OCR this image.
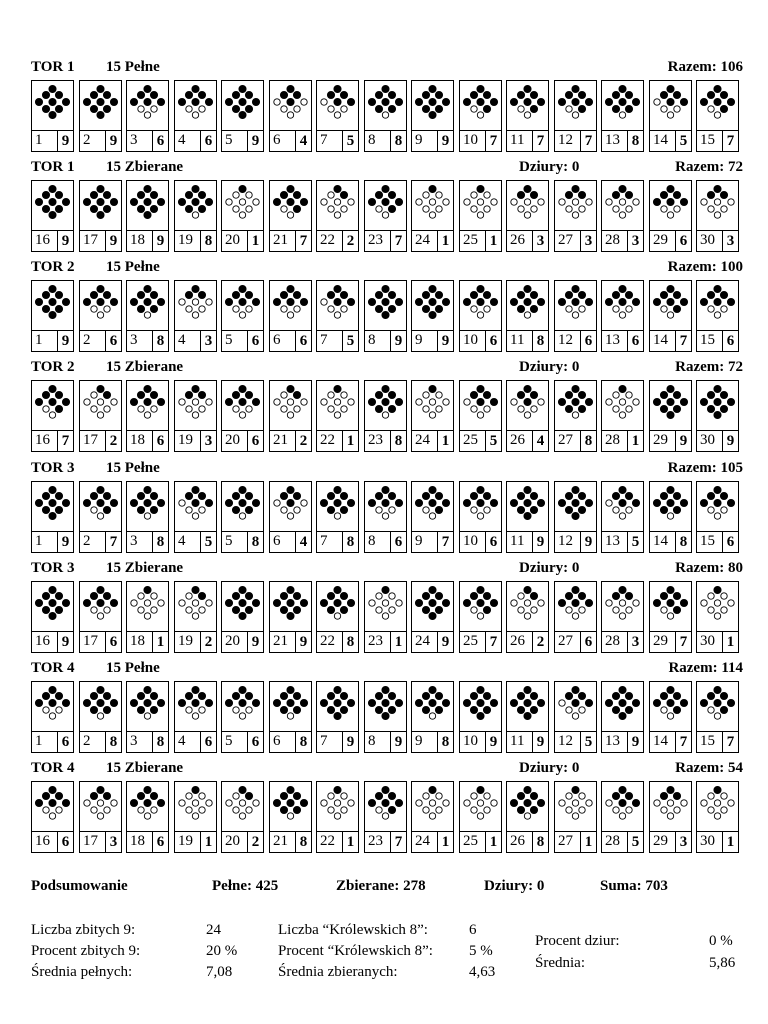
TOR 1 15 Pełne	Razem: 106
1	9 2	9 3	6 4	6 5	9 6	4 7	5 8	8 9	9 10 7 11 7 12 7 13 8 14 5 15 7
TOR 1 15 Zbierane	Dziury: 0	Razem: 72
16 9 17 9 18 9 19 8 20 1 21 7 22 2 23 7 24 1 25 1 26 3 27 3 28 3 29 6 30 3
TOR 2 15 Pełne	Razem: 100
1	9 2	6 3	8 4	3 5	6 6	6 7	5 8	9 9	9 10 6 11 8 12 6 13 6 14 7 15 6
TOR 2 15 Zbierane	Dziury: 0	Razem: 72
16 7 17 2 18 6 19 3 20 6 21 2 22 1 23 8 24 1 25 5 26 4 27 8 28 1 29 9 30 9
TOR 3 15 Pełne	Razem: 105
1	9 2	7 3	8 4	5 5	8 6	4 7	8 8	6 9	7 10 6 11 9 12 9 13 5 14 8 15 6
TOR 3 15 Zbierane	Dziury: 0	Razem: 80
16 9 17 6 18 1 19 2 20 9 21 9 22 8 23 1 24 9 25 7 26 2 27 6 28 3 29 7 30 1
TOR 4 15 Pełne	Razem: 114
1	6 2	8 3	8 4	6 5	6 6	8 7	9 8	9 9	8 10 9 11 9 12 5 13 9 14 7 15 7
TOR 4 15 Zbierane	Dziury: 0	Razem: 54
16 6 17 3 18 6 19 1 20 2 21 8 22 1 23 7 24 1 25 1 26 8 27 1 28 5 29 3 30 1
Podsumowanie	Pełne: 425	Zbierane: 278	Dziury: 0	Suma: 703
Liczba zbitych 9:	24
Procent zbitych 9:	20 %
Średnia pełnych:	7,08
Liczba “Królewskich 8”:	6
Procent “Królewskich 8”: 5 %
Średnia zbieranych:	4,63
Procent dziur:	0 %
Średnia:	5,86
